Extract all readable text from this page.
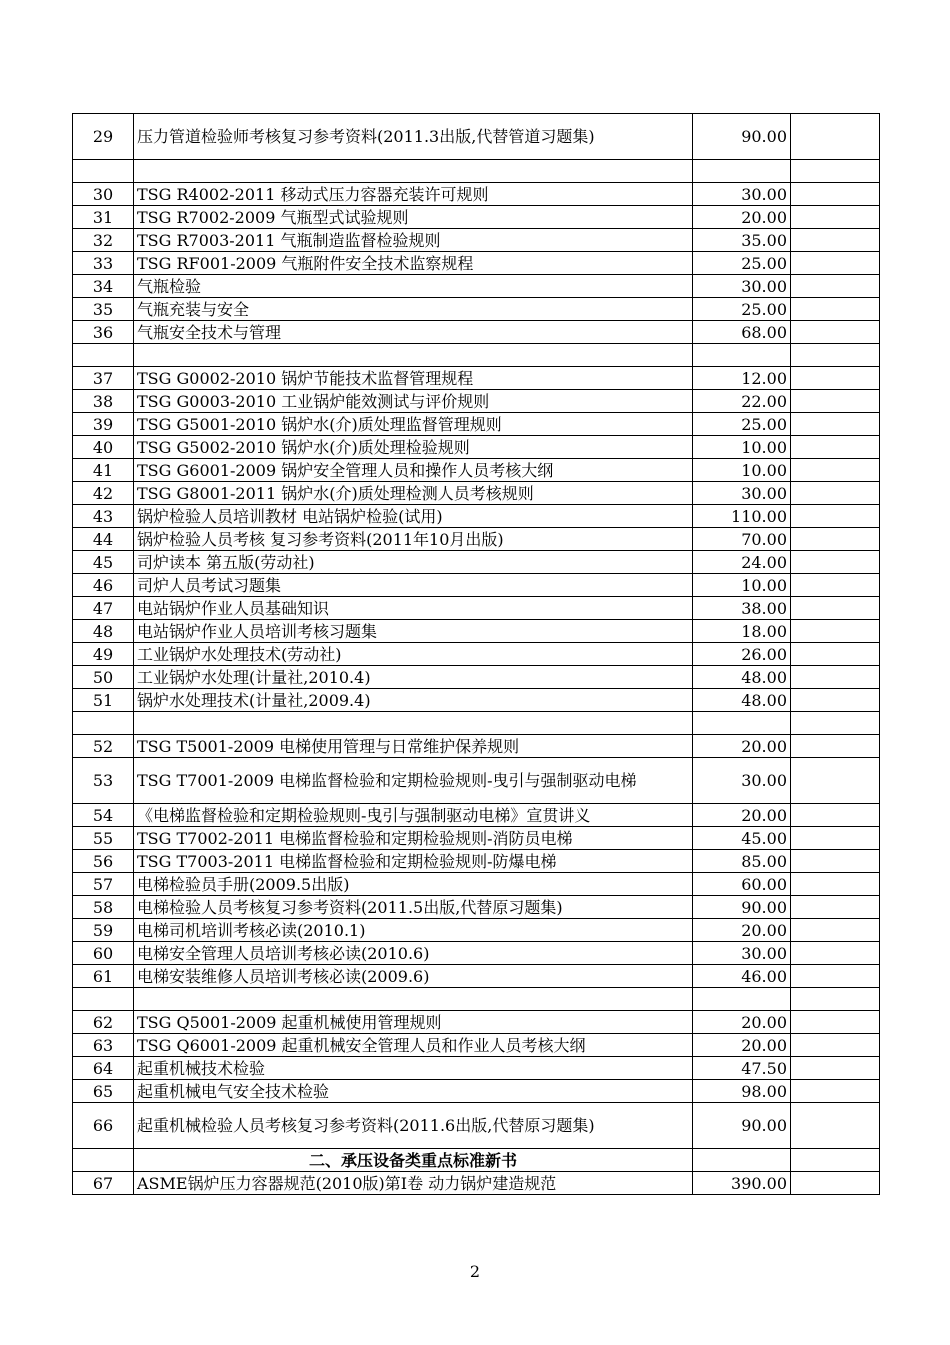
29	压力管道检验师考核复习参考资料(2011.3出版,代替管道习题集)	90.00	

30	TSG R4002-2011 移动式压力容器充装许可规则	30.00	
31	TSG R7002-2009 气瓶型式试验规则	20.00	
32	TSG R7003-2011 气瓶制造监督检验规则	35.00	
33	TSG RF001-2009 气瓶附件安全技术监察规程	25.00	
34	气瓶检验	30.00	
35	气瓶充装与安全	25.00	
36	气瓶安全技术与管理	68.00	

37	TSG G0002-2010 锅炉节能技术监督管理规程	12.00	
38	TSG G0003-2010 工业锅炉能效测试与评价规则	22.00	
39	TSG G5001-2010 锅炉水(介)质处理监督管理规则	25.00	
40	TSG G5002-2010 锅炉水(介)质处理检验规则	10.00	
41	TSG G6001-2009 锅炉安全管理人员和操作人员考核大纲	10.00	
42	TSG G8001-2011 锅炉水(介)质处理检测人员考核规则	30.00	
43	锅炉检验人员培训教材 电站锅炉检验(试用)	110.00	
44	锅炉检验人员考核 复习参考资料(2011年10月出版)	70.00	
45	司炉读本 第五版(劳动社)	24.00	
46	司炉人员考试习题集	10.00	
47	电站锅炉作业人员基础知识	38.00	
48	电站锅炉作业人员培训考核习题集	18.00	
49	工业锅炉水处理技术(劳动社)	26.00	
50	工业锅炉水处理(计量社,2010.4)	48.00	
51	锅炉水处理技术(计量社,2009.4)	48.00	

52	TSG T5001-2009 电梯使用管理与日常维护保养规则	20.00	
53	TSG T7001-2009 电梯监督检验和定期检验规则-曳引与强制驱动电梯	30.00	
54	《电梯监督检验和定期检验规则-曳引与强制驱动电梯》宣贯讲义	20.00	
55	TSG T7002-2011 电梯监督检验和定期检验规则-消防员电梯	45.00	
56	TSG T7003-2011 电梯监督检验和定期检验规则-防爆电梯	85.00	
57	电梯检验员手册(2009.5出版)	60.00	
58	电梯检验人员考核复习参考资料(2011.5出版,代替原习题集)	90.00	
59	电梯司机培训考核必读(2010.1)	20.00	
60	电梯安全管理人员培训考核必读(2010.6)	30.00	
61	电梯安装维修人员培训考核必读(2009.6)	46.00	

62	TSG Q5001-2009 起重机械使用管理规则	20.00	
63	TSG Q6001-2009 起重机械安全管理人员和作业人员考核大纲	20.00	
64	起重机械技术检验	47.50	
65	起重机械电气安全技术检验	98.00	
66	起重机械检验人员考核复习参考资料(2011.6出版,代替原习题集)	90.00	
	二、承压设备类重点标准新书		
67	ASME锅炉压力容器规范(2010版)第Ⅰ卷 动力锅炉建造规范	390.00	
2
